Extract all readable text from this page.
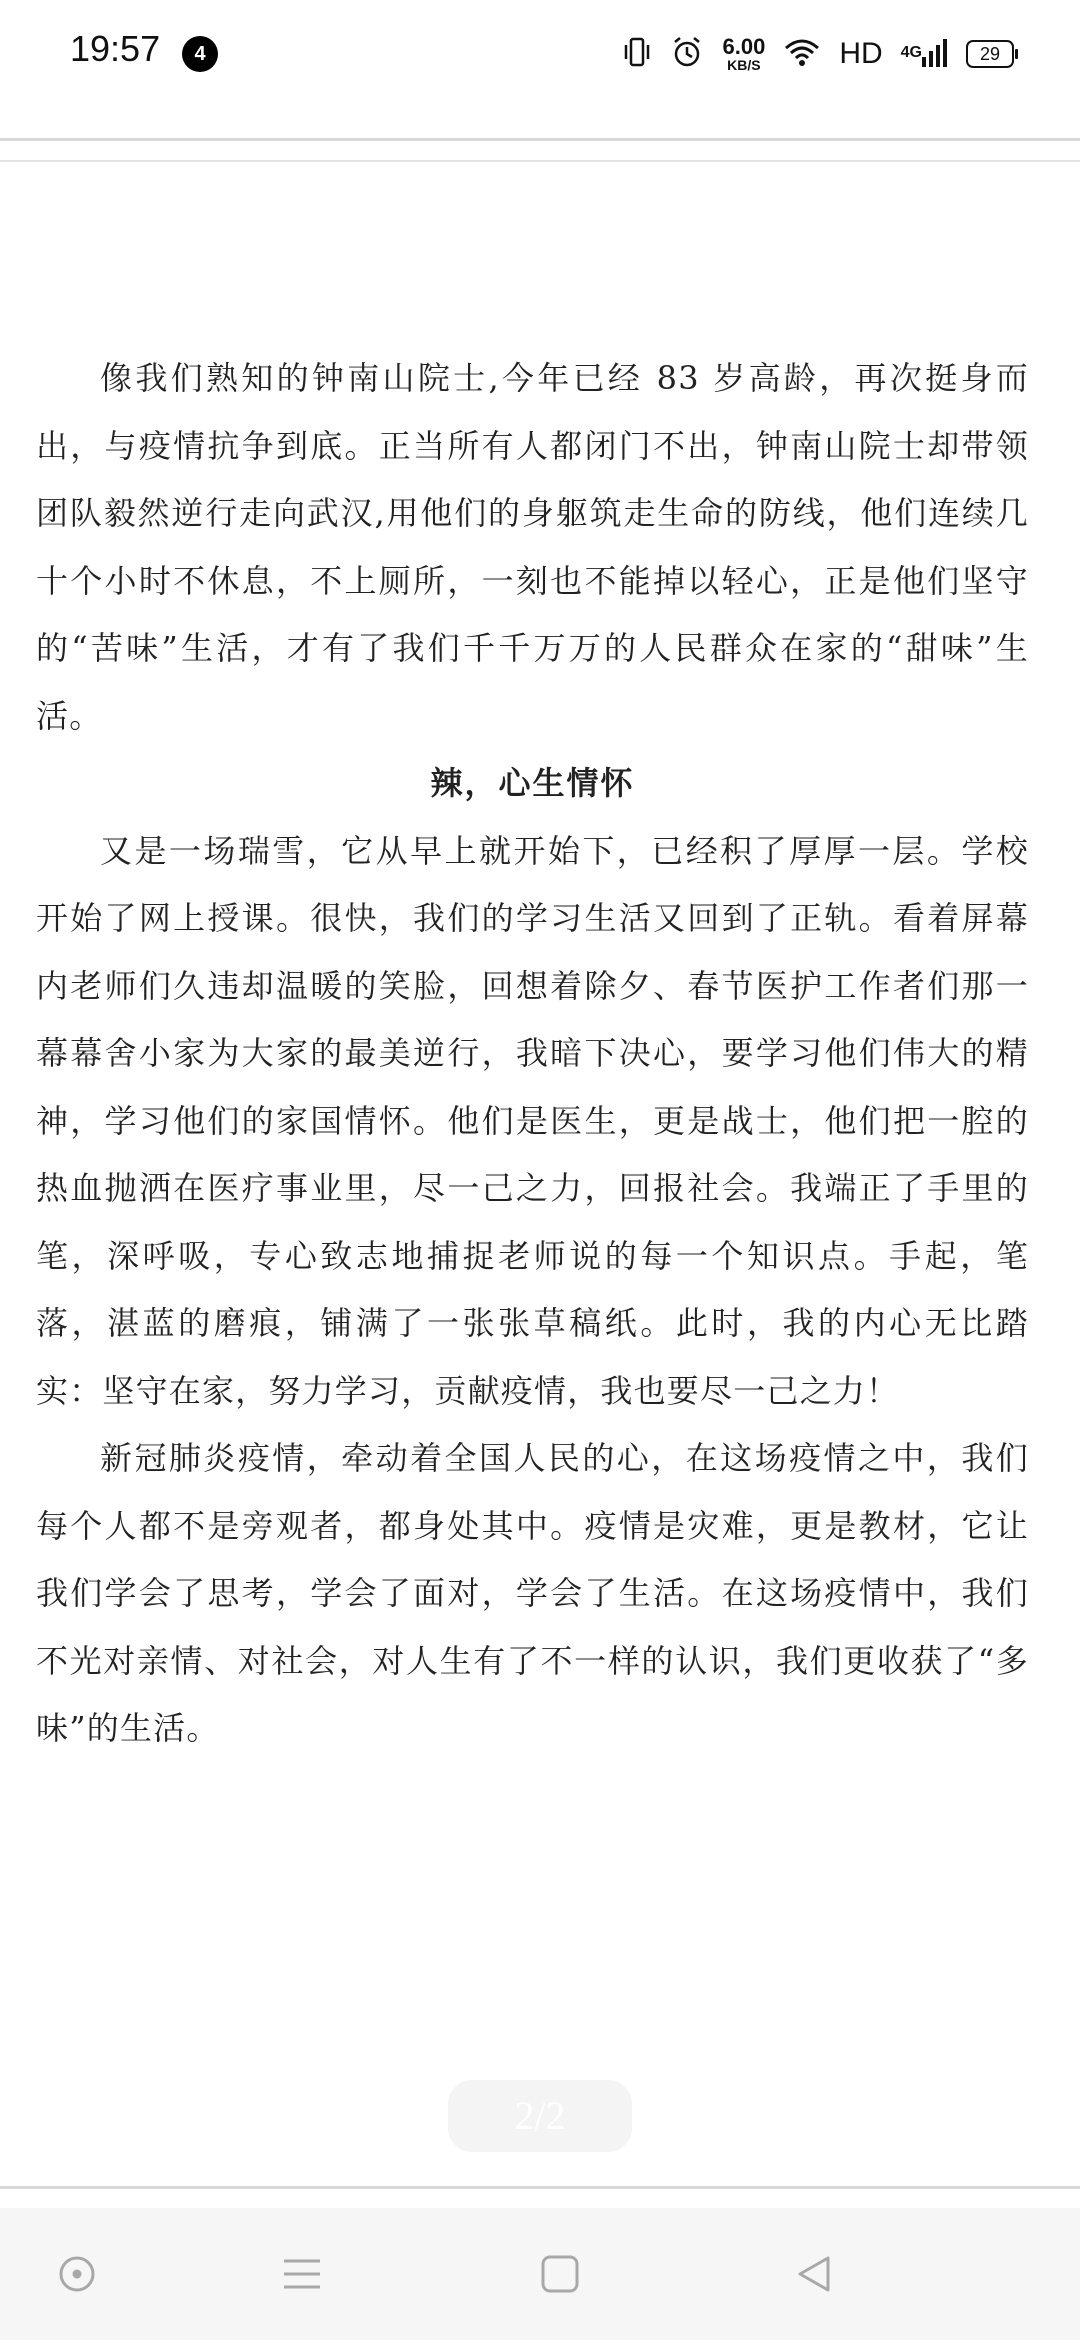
19:57	4	6.00
KB/S	HD 4G	29

像我们熟知的钟南山院士,今年已经 83 岁高龄，再次挺身而出，与疫情抗争到底。正当所有人都闭门不出，钟南山院士却带领团队毅然逆行走向武汉,用他们的身躯筑走生命的防线，他们连续几十个小时不休息，不上厕所，一刻也不能掉以轻心，正是他们坚守的“苦味”生活，才有了我们千千万万的人民群众在家的“甜味”生活。

辣，心生情怀

又是一场瑞雪，它从早上就开始下，已经积了厚厚一层。学校开始了网上授课。很快，我们的学习生活又回到了正轨。看着屏幕内老师们久违却温暖的笑脸，回想着除夕、春节医护工作者们那一幕幕舍小家为大家的最美逆行，我暗下决心，要学习他们伟大的精神，学习他们的家国情怀。他们是医生，更是战士，他们把一腔的热血抛洒在医疗事业里，尽一己之力，回报社会。我端正了手里的笔，深呼吸，专心致志地捕捉老师说的每一个知识点。手起，笔落，湛蓝的磨痕，铺满了一张张草稿纸。此时，我的内心无比踏实：坚守在家，努力学习，贡献疫情，我也要尽一己之力！

新冠肺炎疫情，牵动着全国人民的心，在这场疫情之中，我们每个人都不是旁观者，都身处其中。疫情是灾难，更是教材，它让我们学会了思考，学会了面对，学会了生活。在这场疫情中，我们不光对亲情、对社会，对人生有了不一样的认识，我们更收获了“多味”的生活。

2/2
